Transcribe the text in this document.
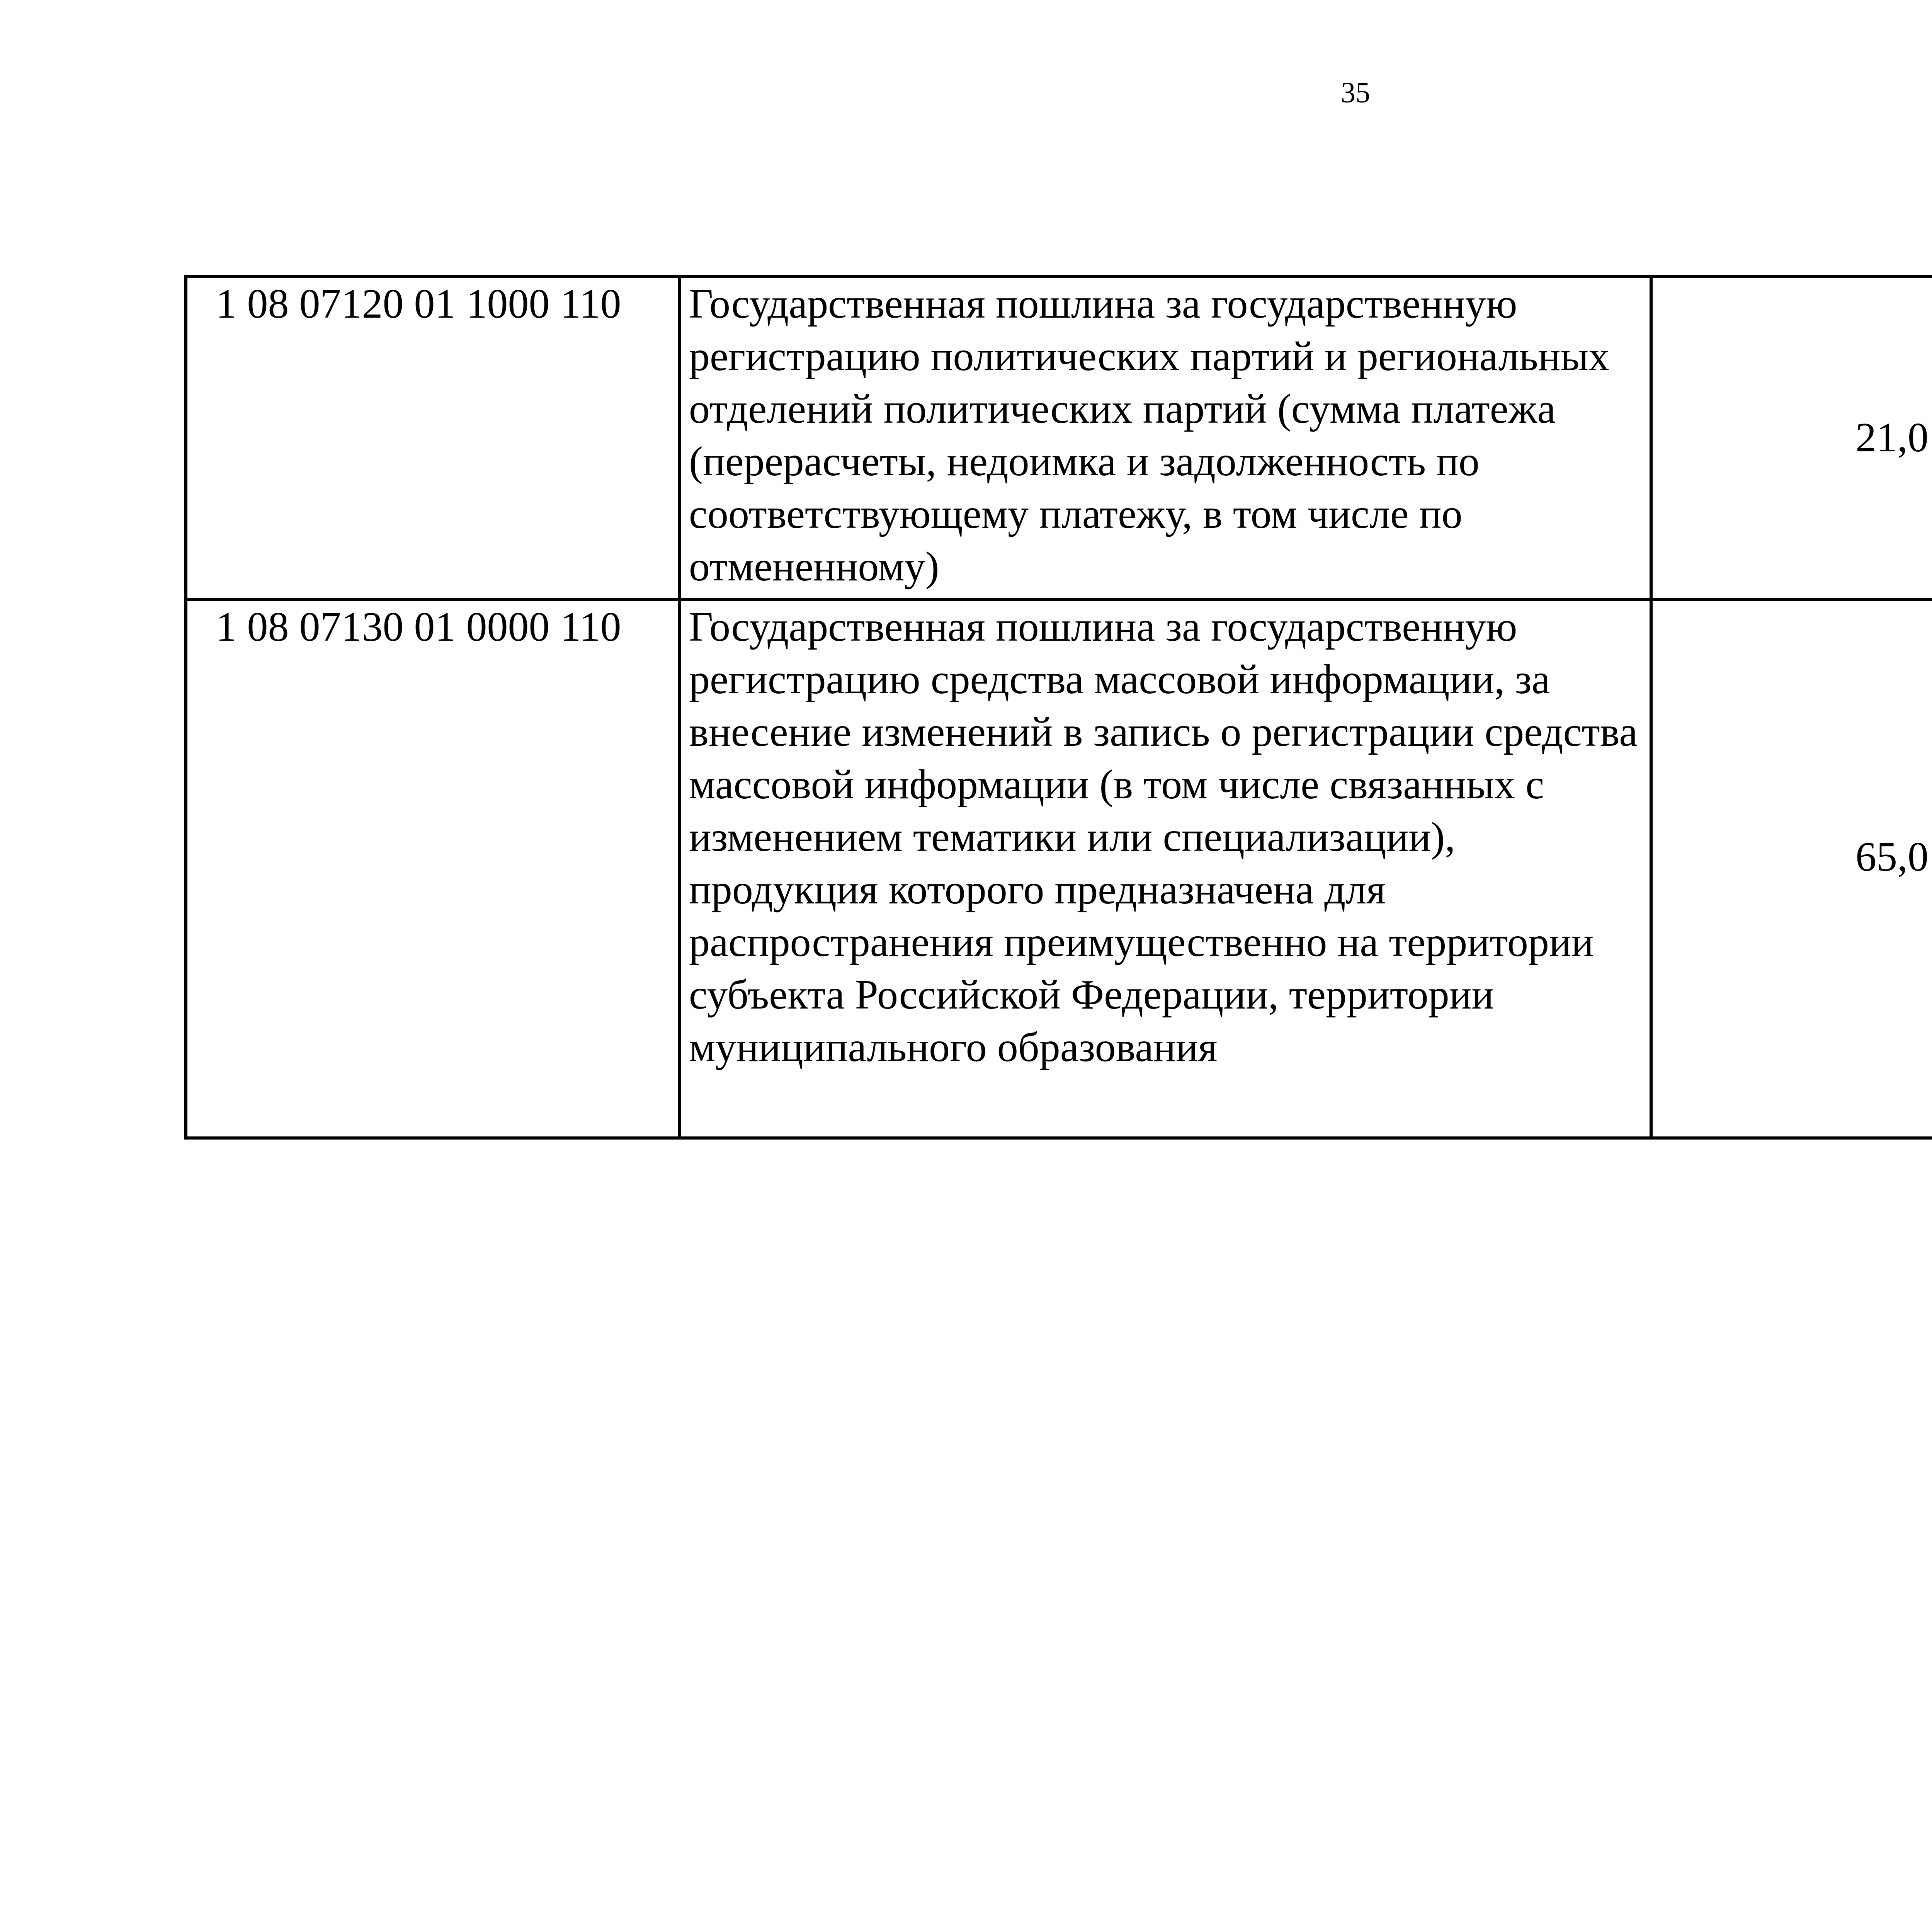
35
1 08 07120 01 1000 110	Государственная пошлина за государственную регистрацию политических партий и региональных отделений политических партий (сумма платежа (перерасчеты, недоимка и задолженность по соответствующему платежу, в том числе по отмененному)	21,0		
1 08 07130 01 0000 110	Государственная пошлина за государственную регистрацию средства массовой информации, за внесение изменений в запись о регистрации средства массовой информации (в том числе связанных с изменением тематики или специализации), продукция которого предназначена для распространения преимущественно на территории субъекта Российской Федерации, территории муниципального образования	65,0		
